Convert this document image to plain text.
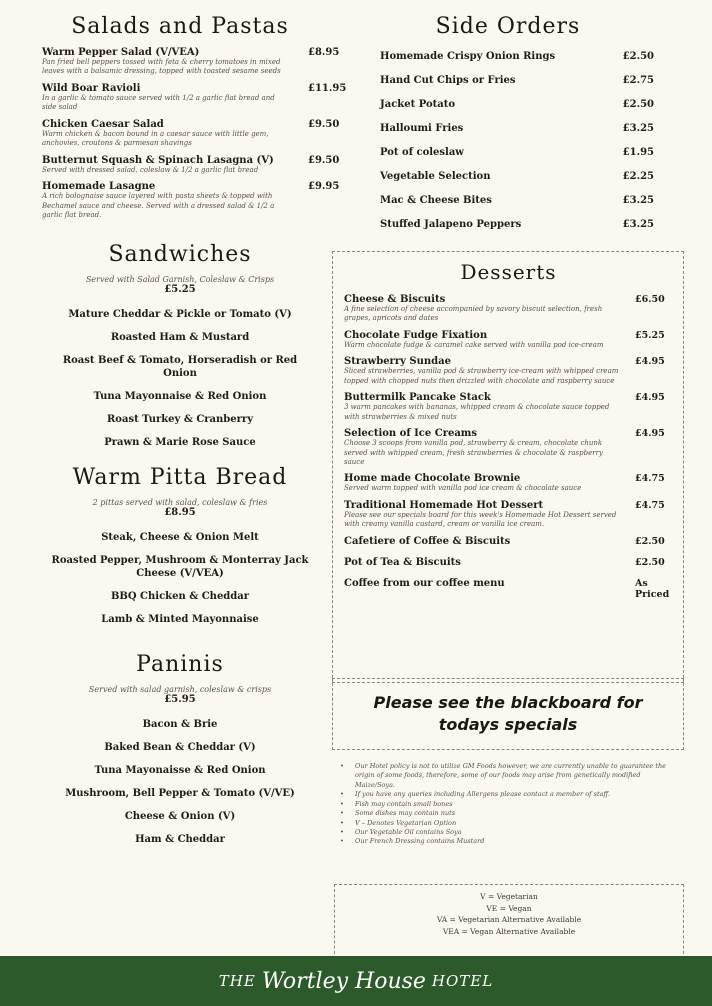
Salads and Pastas
Warm Pepper Salad (V/VEA)	£8.95
Pan fried bell peppers tossed with feta & cherry tomatoes in mixed leaves with a balsamic dressing, topped with toasted sesame seeds
Wild Boar Ravioli	£11.95
In a garlic & tomato sauce served with 1/2 a garlic flat bread and side salad
Chicken Caesar Salad	£9.50
Warm chicken & bacon bound in a caesar sauce with little gem, anchovies, croutons & parmesan shavings
Butternut Squash & Spinach Lasagna (V)	£9.50
Served with dressed salad, coleslaw & 1/2 a garlic flat bread
Homemade Lasagne	£9.95
A rich bolognaise sauce layered with pasta sheets & topped with Bechamel sauce and cheese. Served with a dressed salad & 1/2 a garlic flat bread.
Sandwiches
Served with Salad Garnish, Coleslaw & Crisps
£5.25
Mature Cheddar & Pickle or Tomato (V)
Roasted Ham & Mustard
Roast Beef & Tomato, Horseradish or Red Onion
Tuna Mayonnaise & Red Onion
Roast Turkey & Cranberry
Prawn & Marie Rose Sauce
Warm Pitta Bread
2 pittas served with salad, coleslaw & fries
£8.95
Steak, Cheese & Onion Melt
Roasted Pepper, Mushroom & Monterray Jack Cheese (V/VEA)
BBQ Chicken & Cheddar
Lamb & Minted Mayonnaise
Paninis
Served with salad garnish, coleslaw & crisps
£5.95
Bacon & Brie
Baked Bean & Cheddar (V)
Tuna Mayonaisse & Red Onion
Mushroom, Bell Pepper & Tomato (V/VE)
Cheese & Onion (V)
Ham & Cheddar
Side Orders
Homemade Crispy Onion Rings	£2.50
Hand Cut Chips or Fries	£2.75
Jacket Potato	£2.50
Halloumi Fries	£3.25
Pot of coleslaw	£1.95
Vegetable Selection	£2.25
Mac & Cheese Bites	£3.25
Stuffed Jalapeno Peppers	£3.25
Desserts
Cheese & Biscuits	£6.50
A fine selection of cheese accompanied by savory biscuit selection, fresh grapes, apricots and dates
Chocolate Fudge Fixation	£5.25
Warm chocolate fudge & caramel cake served with vanilla pod ice-cream
Strawberry Sundae	£4.95
Sliced strawberries, vanilla pod & strawberry ice-cream with whipped cream topped with chopped nuts then drizzled with chocolate and raspberry sauce
Buttermilk Pancake Stack	£4.95
3 warm pancakes with bananas, whipped cream & chocolate sauce topped with strawberries & mixed nuts
Selection of Ice Creams	£4.95
Choose 3 scoops from vanilla pod, strawberry & cream, chocolate chunk served with whipped cream, fresh strawberries & chocolate & raspberry sauce
Home made Chocolate Brownie	£4.75
Served warm topped with vanilla pod ice cream & chocolate sauce
Traditional Homemade Hot Dessert	£4.75
Please see our specials board for this week's Homemade Hot Dessert served with creamy vanilla custard, cream or vanilla ice cream.
Cafetiere of Coffee & Biscuits	£2.50
Pot of Tea & Biscuits	£2.50
Coffee from our coffee menu	As Priced
Please see the blackboard for todays specials
• Our Hotel policy is not to utilize GM Foods however, we are currently unable to guarantee the origin of some foods, therefore, some of our foods may arise from genetically modified Maize/Soya.
• If you have any queries including Allergens please contact a member of staff.
• Fish may contain small bones
• Some dishes may contain nuts
• V – Denotes Vegetarian Option
• Our Vegetable Oil contains Soya
• Our French Dressing contains Mustard
V = Vegetarian
VE = Vegan
VA = Vegetarian Alternative Available
VEA = Vegan Alternative Available
THE Wortley House HOTEL
